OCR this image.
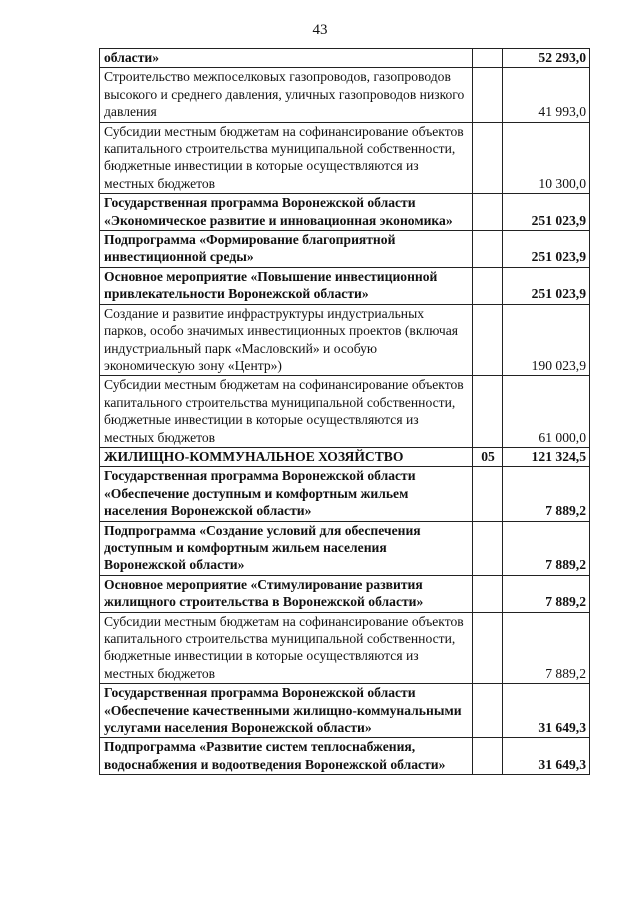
43
области»		52 293,0
Строительство межпоселковых газопроводов, газопроводов высокого и среднего давления, уличных газопроводов низкого давления		41 993,0
Субсидии местным бюджетам на софинансирование объектов капитального строительства муниципальной собственности, бюджетные инвестиции в которые осуществляются из местных бюджетов		10 300,0
Государственная программа Воронежской области «Экономическое развитие и инновационная экономика»		251 023,9
Подпрограмма «Формирование благоприятной инвестиционной среды»		251 023,9
Основное мероприятие «Повышение инвестиционной привлекательности Воронежской области»		251 023,9
Создание и развитие инфраструктуры индустриальных парков, особо значимых инвестиционных проектов (включая индустриальный парк «Масловский» и особую экономическую зону «Центр»)		190 023,9
Субсидии местным бюджетам на софинансирование объектов капитального строительства муниципальной собственности, бюджетные инвестиции в которые осуществляются из местных бюджетов		61 000,0
ЖИЛИЩНО-КОММУНАЛЬНОЕ ХОЗЯЙСТВО	05	121 324,5
Государственная программа Воронежской области «Обеспечение доступным и комфортным жильем населения Воронежской области»		7 889,2
Подпрограмма «Создание условий для обеспечения доступным и комфортным жильем населения Воронежской области»		7 889,2
Основное мероприятие «Стимулирование развития жилищного строительства в Воронежской области»		7 889,2
Субсидии местным бюджетам на софинансирование объектов капитального строительства муниципальной собственности, бюджетные инвестиции в которые осуществляются из местных бюджетов		7 889,2
Государственная программа Воронежской области «Обеспечение качественными жилищно-коммунальными услугами населения Воронежской области»		31 649,3
Подпрограмма «Развитие систем теплоснабжения, водоснабжения и водоотведения Воронежской области»		31 649,3
